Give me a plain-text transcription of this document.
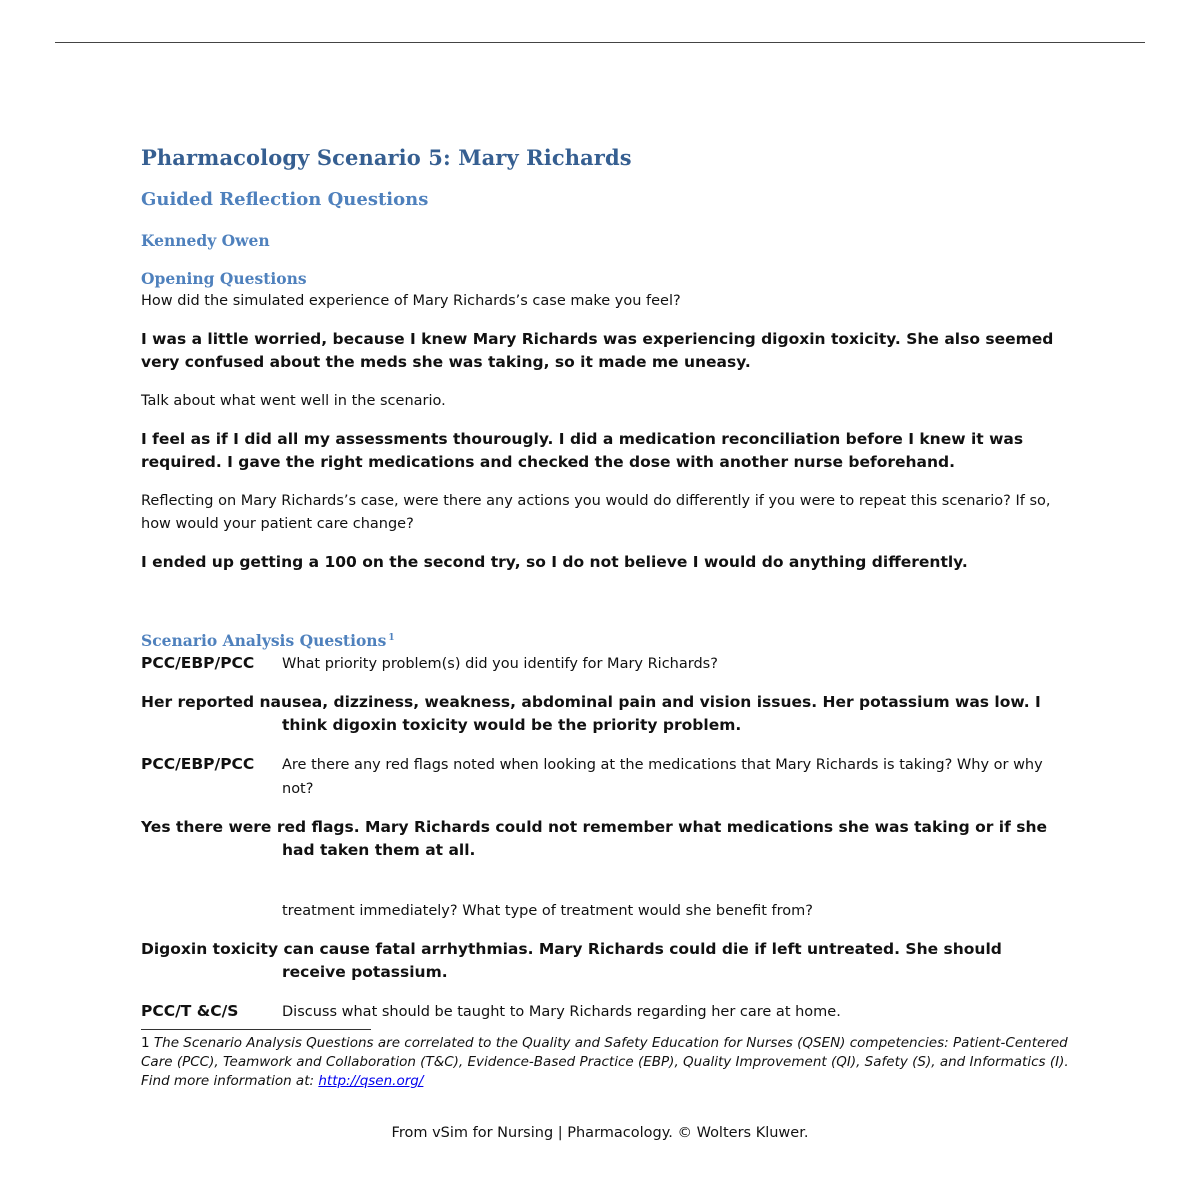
Pharmacology Scenario 5: Mary Richards
Guided Reflection Questions
Kennedy Owen
Opening Questions

How did the simulated experience of Mary Richards’s case make you feel?

I was a little worried, because I knew Mary Richards was experiencing digoxin toxicity. She also seemed very confused about the meds she was taking, so it made me uneasy.

Talk about what went well in the scenario.

I feel as if I did all my assessments thourougly. I did a medication reconciliation before I knew it was required. I gave the right medications and checked the dose with another nurse beforehand.

Reflecting on Mary Richards’s case, were there any actions you would do differently if you were to repeat this scenario? If so, how would your patient care change?

I ended up getting a 100 on the second try, so I do not believe I would do anything differently.

Scenario Analysis Questions $^1$
PCC/EBP/PCC	What priority problem(s) did you identify for Mary Richards?

Her reported nausea, dizziness, weakness, abdominal pain and vision issues. Her potassium was low. I think digoxin toxicity would be the priority problem.

PCC/EBP/PCC	Are there any red flags noted when looking at the medications that Mary Richards is taking? Why or why not?

Yes there were red flags. Mary Richards could not remember what medications she was taking or if she had taken them at all.

treatment immediately? What type of treatment would she benefit from?

Digoxin toxicity can cause fatal arrhythmias. Mary Richards could die if left untreated. She should receive potassium.

PCC/T &C/S	Discuss what should be taught to Mary Richards regarding her care at home.
1 The Scenario Analysis Questions are correlated to the Quality and Safety Education for Nurses (QSEN) competencies: Patient-Centered Care (PCC), Teamwork and Collaboration (T&C), Evidence-Based Practice (EBP), Quality Improvement (QI), Safety (S), and Informatics (I). Find more information at: http://qsen.org/
From vSim for Nursing | Pharmacology. © Wolters Kluwer.
